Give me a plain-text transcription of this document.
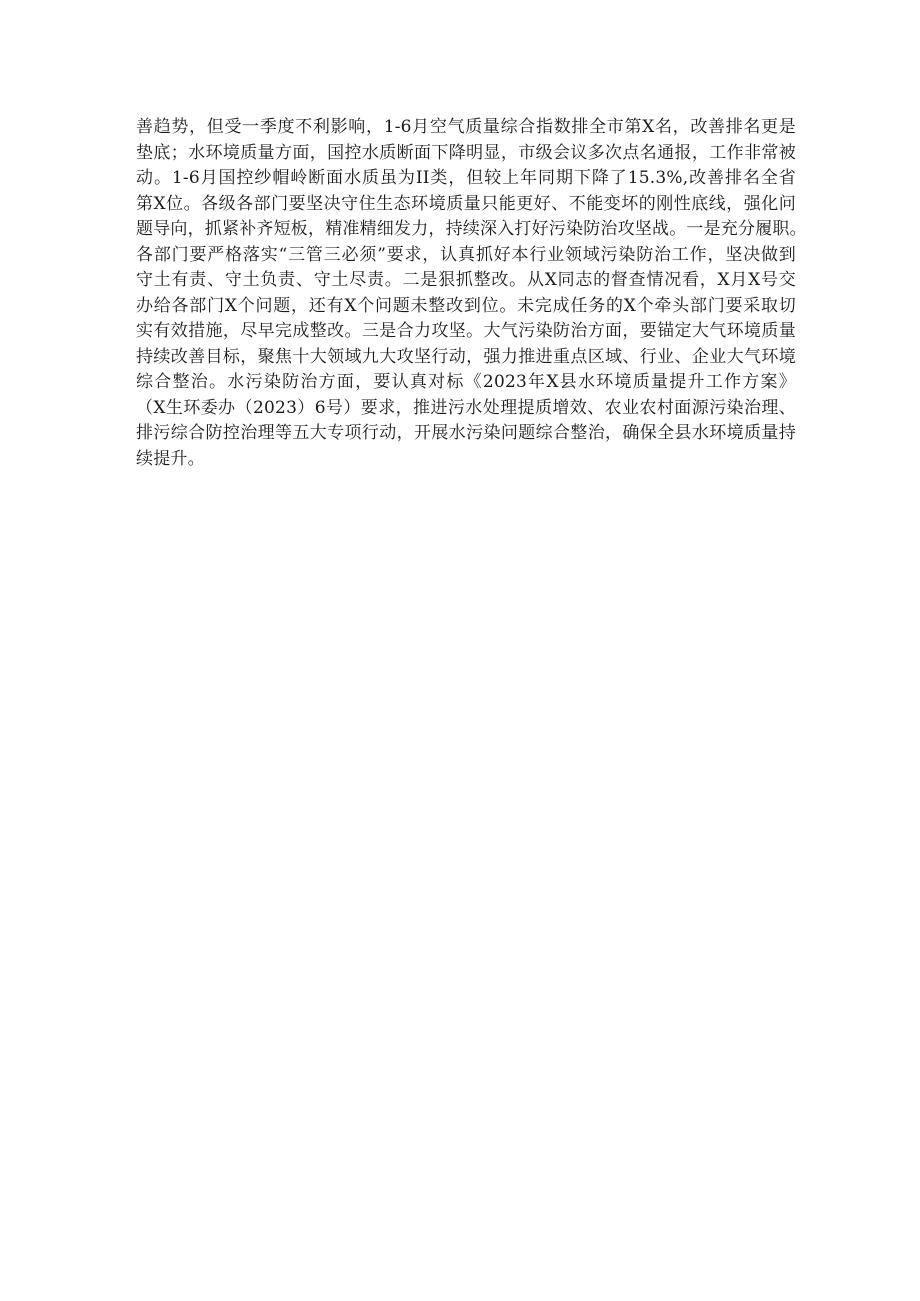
善趋势，但受一季度不利影响，1-6月空气质量综合指数排全市第X名，改善排名更是
垫底；水环境质量方面，国控水质断面下降明显，市级会议多次点名通报，工作非常被
动。1-6月国控纱帽岭断面水质虽为II类，但较上年同期下降了15.3%,改善排名全省
第X位。各级各部门要坚决守住生态环境质量只能更好、不能变坏的刚性底线，强化问
题导向，抓紧补齐短板，精准精细发力，持续深入打好污染防治攻坚战。一是充分履职。
各部门要严格落实“三管三必须”要求，认真抓好本行业领域污染防治工作，坚决做到
守土有责、守土负责、守土尽责。二是狠抓整改。从X同志的督查情况看，X月X号交
办给各部门X个问题，还有X个问题未整改到位。未完成任务的X个牵头部门要采取切
实有效措施，尽早完成整改。三是合力攻坚。大气污染防治方面，要锚定大气环境质量
持续改善目标，聚焦十大领域九大攻坚行动，强力推进重点区域、行业、企业大气环境
综合整治。水污染防治方面，要认真对标《2023年X县水环境质量提升工作方案》
（X生环委办（2023）6号）要求，推进污水处理提质增效、农业农村面源污染治理、
排污综合防控治理等五大专项行动，开展水污染问题综合整治，确保全县水环境质量持
续提升。
